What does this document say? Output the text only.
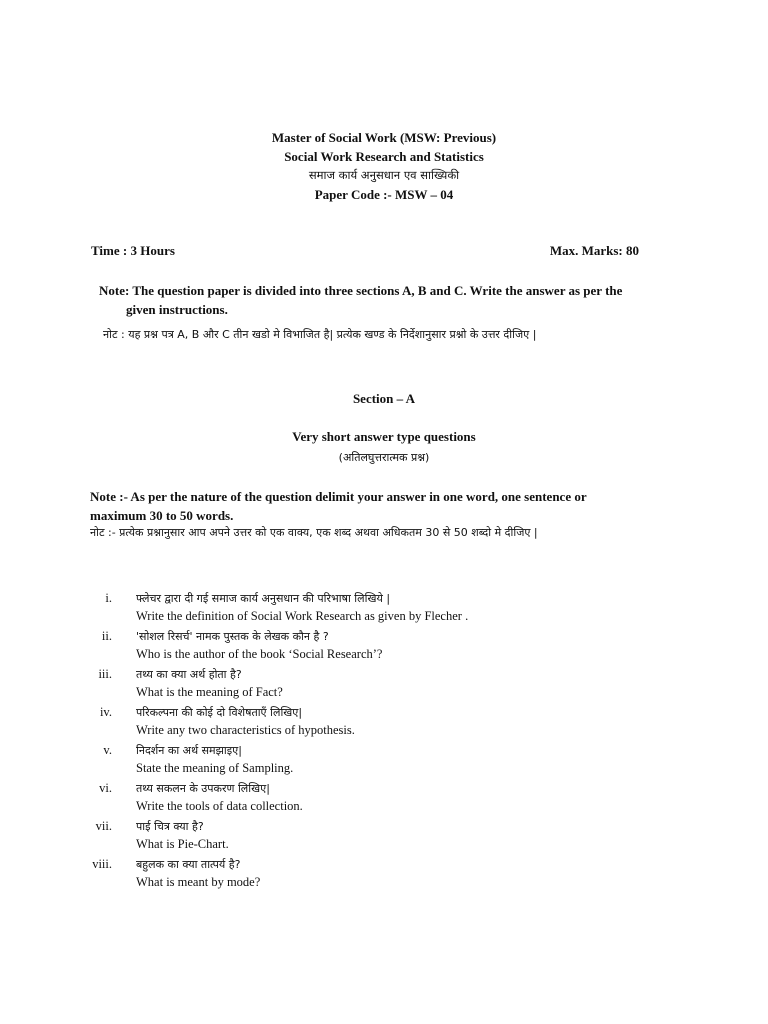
Master of Social Work (MSW: Previous)
Social Work Research and Statistics
समाज कार्य अनुसधान एव साख्यिकी
Paper Code :- MSW – 04
Time : 3 Hours	Max. Marks: 80
Note: The question paper is divided into three sections A, B and C. Write the answer as per the
given instructions.
नोट : यह प्रश्न पत्र A, B और C तीन खडो मे विभाजित है| प्रत्येक खण्ड के निर्देशानुसार प्रश्नो के उत्तर दीजिए |
Section – A
Very short answer type questions
(अतिलघुत्तरात्मक प्रश्न)
Note :- As per the nature of the question delimit your answer in one word, one sentence or
maximum 30 to 50 words.
नोट :- प्रत्येक प्रश्नानुसार आप अपने उत्तर को एक वाक्य, एक शब्द अथवा अधिकतम 30 से 50 शब्दो मे दीजिए |
i. फ्लेचर द्वारा दी गई समाज कार्य अनुसधान की परिभाषा लिखिये |
Write the definition of Social Work Research as given by Flecher .
ii. 'सोशल रिसर्च' नामक पुस्तक के लेखक कौन है ?
Who is the author of the book ‘Social Research’?
iii. तथ्य का क्या अर्थ होता है?
What is the meaning of Fact?
iv. परिकल्पना की कोई दो विशेषताएँ लिखिए|
Write any two characteristics of hypothesis.
v. निदर्शन का अर्थ समझाइए|
State the meaning of Sampling.
vi. तथ्य सकलन के उपकरण लिखिए|
Write the tools of data collection.
vii. पाई चित्र क्या है?
What is Pie-Chart.
viii. बहुलक का क्या तात्पर्य है?
What is meant by mode?
